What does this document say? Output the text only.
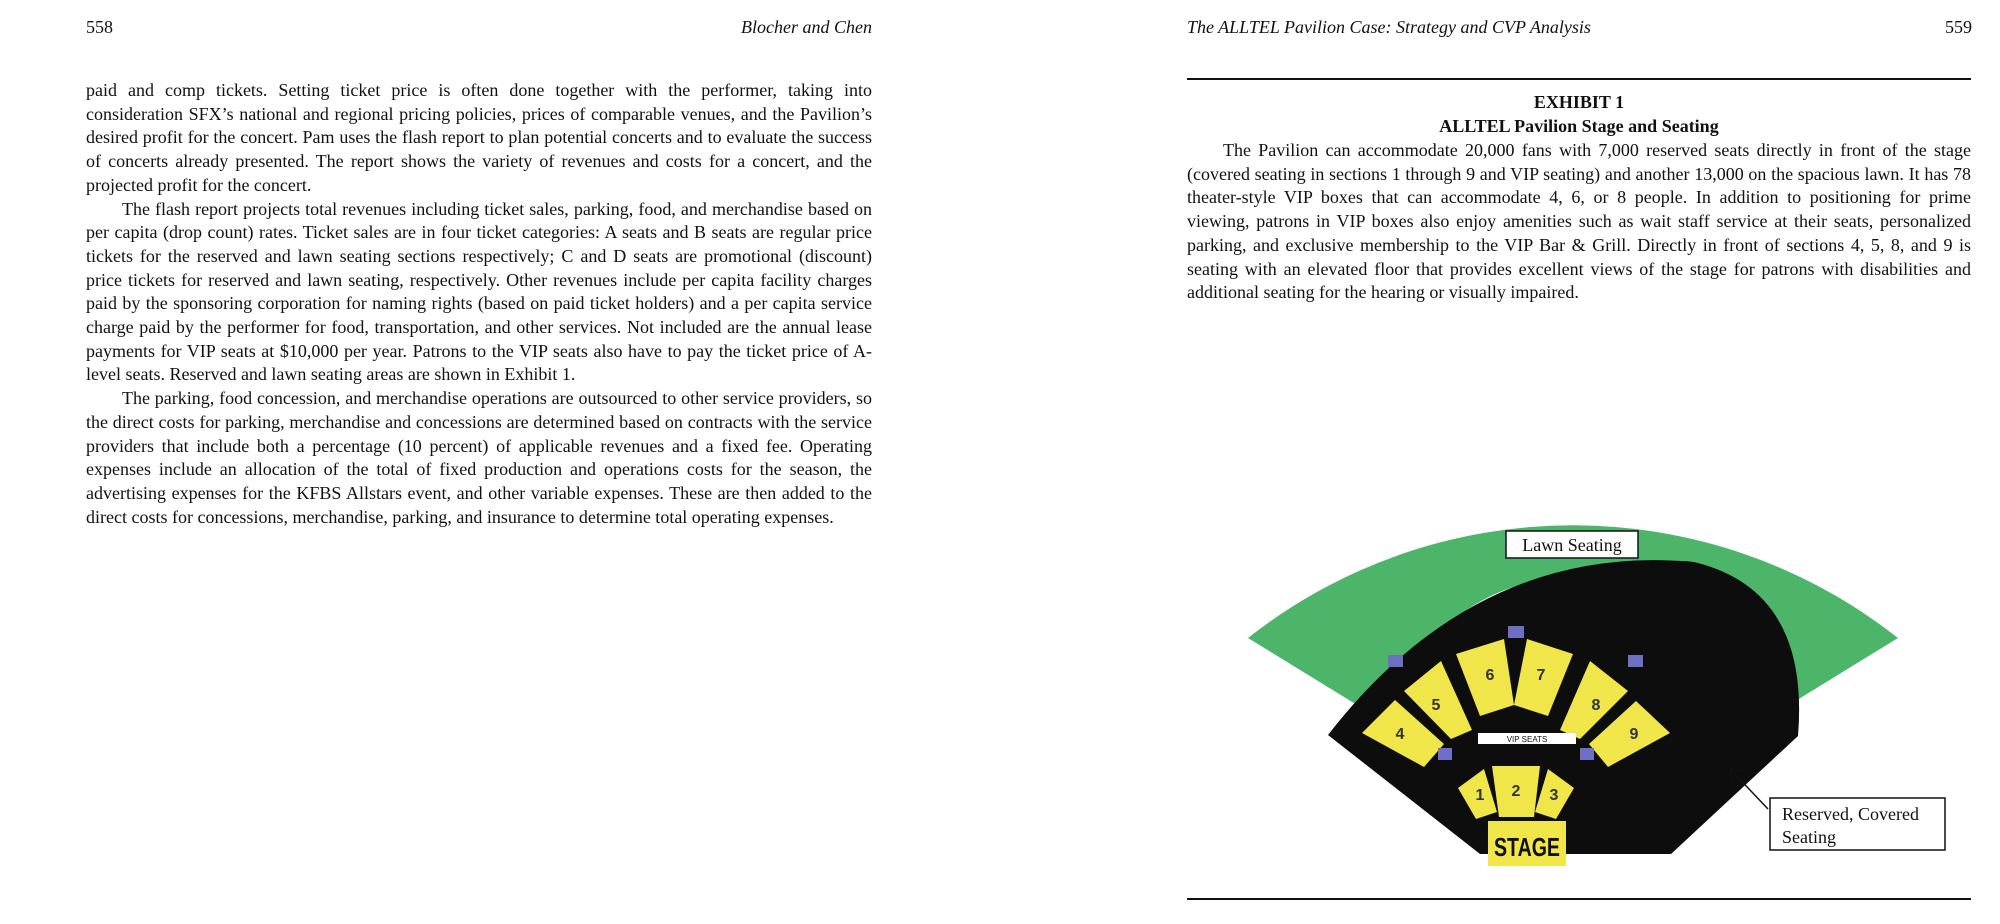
558	Blocher and Chen

paid and comp tickets. Setting ticket price is often done together with the performer, taking into consideration SFX’s national and regional pricing policies, prices of comparable venues, and the Pavilion’s desired profit for the concert. Pam uses the flash report to plan potential concerts and to evaluate the success of concerts already presented. The report shows the variety of revenues and costs for a concert, and the projected profit for the concert.

The flash report projects total revenues including ticket sales, parking, food, and merchandise based on per capita (drop count) rates. Ticket sales are in four ticket categories: A seats and B seats are regular price tickets for the reserved and lawn seating sections respectively; C and D seats are promotional (discount) price tickets for reserved and lawn seating, respectively. Other revenues include per capita facility charges paid by the sponsoring corporation for naming rights (based on paid ticket holders) and a per capita service charge paid by the performer for food, transportation, and other services. Not included are the annual lease payments for VIP seats at $10,000 per year. Patrons to the VIP seats also have to pay the ticket price of A-level seats. Reserved and lawn seating areas are shown in Exhibit 1.

The parking, food concession, and merchandise operations are outsourced to other service providers, so the direct costs for parking, merchandise and concessions are determined based on contracts with the service providers that include both a percentage (10 percent) of applicable revenues and a fixed fee. Operating expenses include an allocation of the total of fixed production and operations costs for the season, the advertising expenses for the KFBS Allstars event, and other variable expenses. These are then added to the direct costs for concessions, merchandise, parking, and insurance to determine total operating expenses.

The ALLTEL Pavilion Case: Strategy and CVP Analysis	559
EXHIBIT 1
ALLTEL Pavilion Stage and Seating

The Pavilion can accommodate 20,000 fans with 7,000 reserved seats directly in front of the stage (covered seating in sections 1 through 9 and VIP seating) and another 13,000 on the spacious lawn. It has 78 theater-style VIP boxes that can accommodate 4, 6, or 8 people. In addition to positioning for prime viewing, patrons in VIP boxes also enjoy amenities such as wait staff service at their seats, personalized parking, and exclusive membership to the VIP Bar & Grill. Directly in front of sections 4, 5, 8, and 9 is seating with an elevated floor that provides excellent views of the stage for patrons with disabilities and additional seating for the hearing or visually impaired.

VIP SEATS
1 2 3
4
5
6	7
8
9
STAGE
Lawn Seating
Reserved, Covered
Seating
